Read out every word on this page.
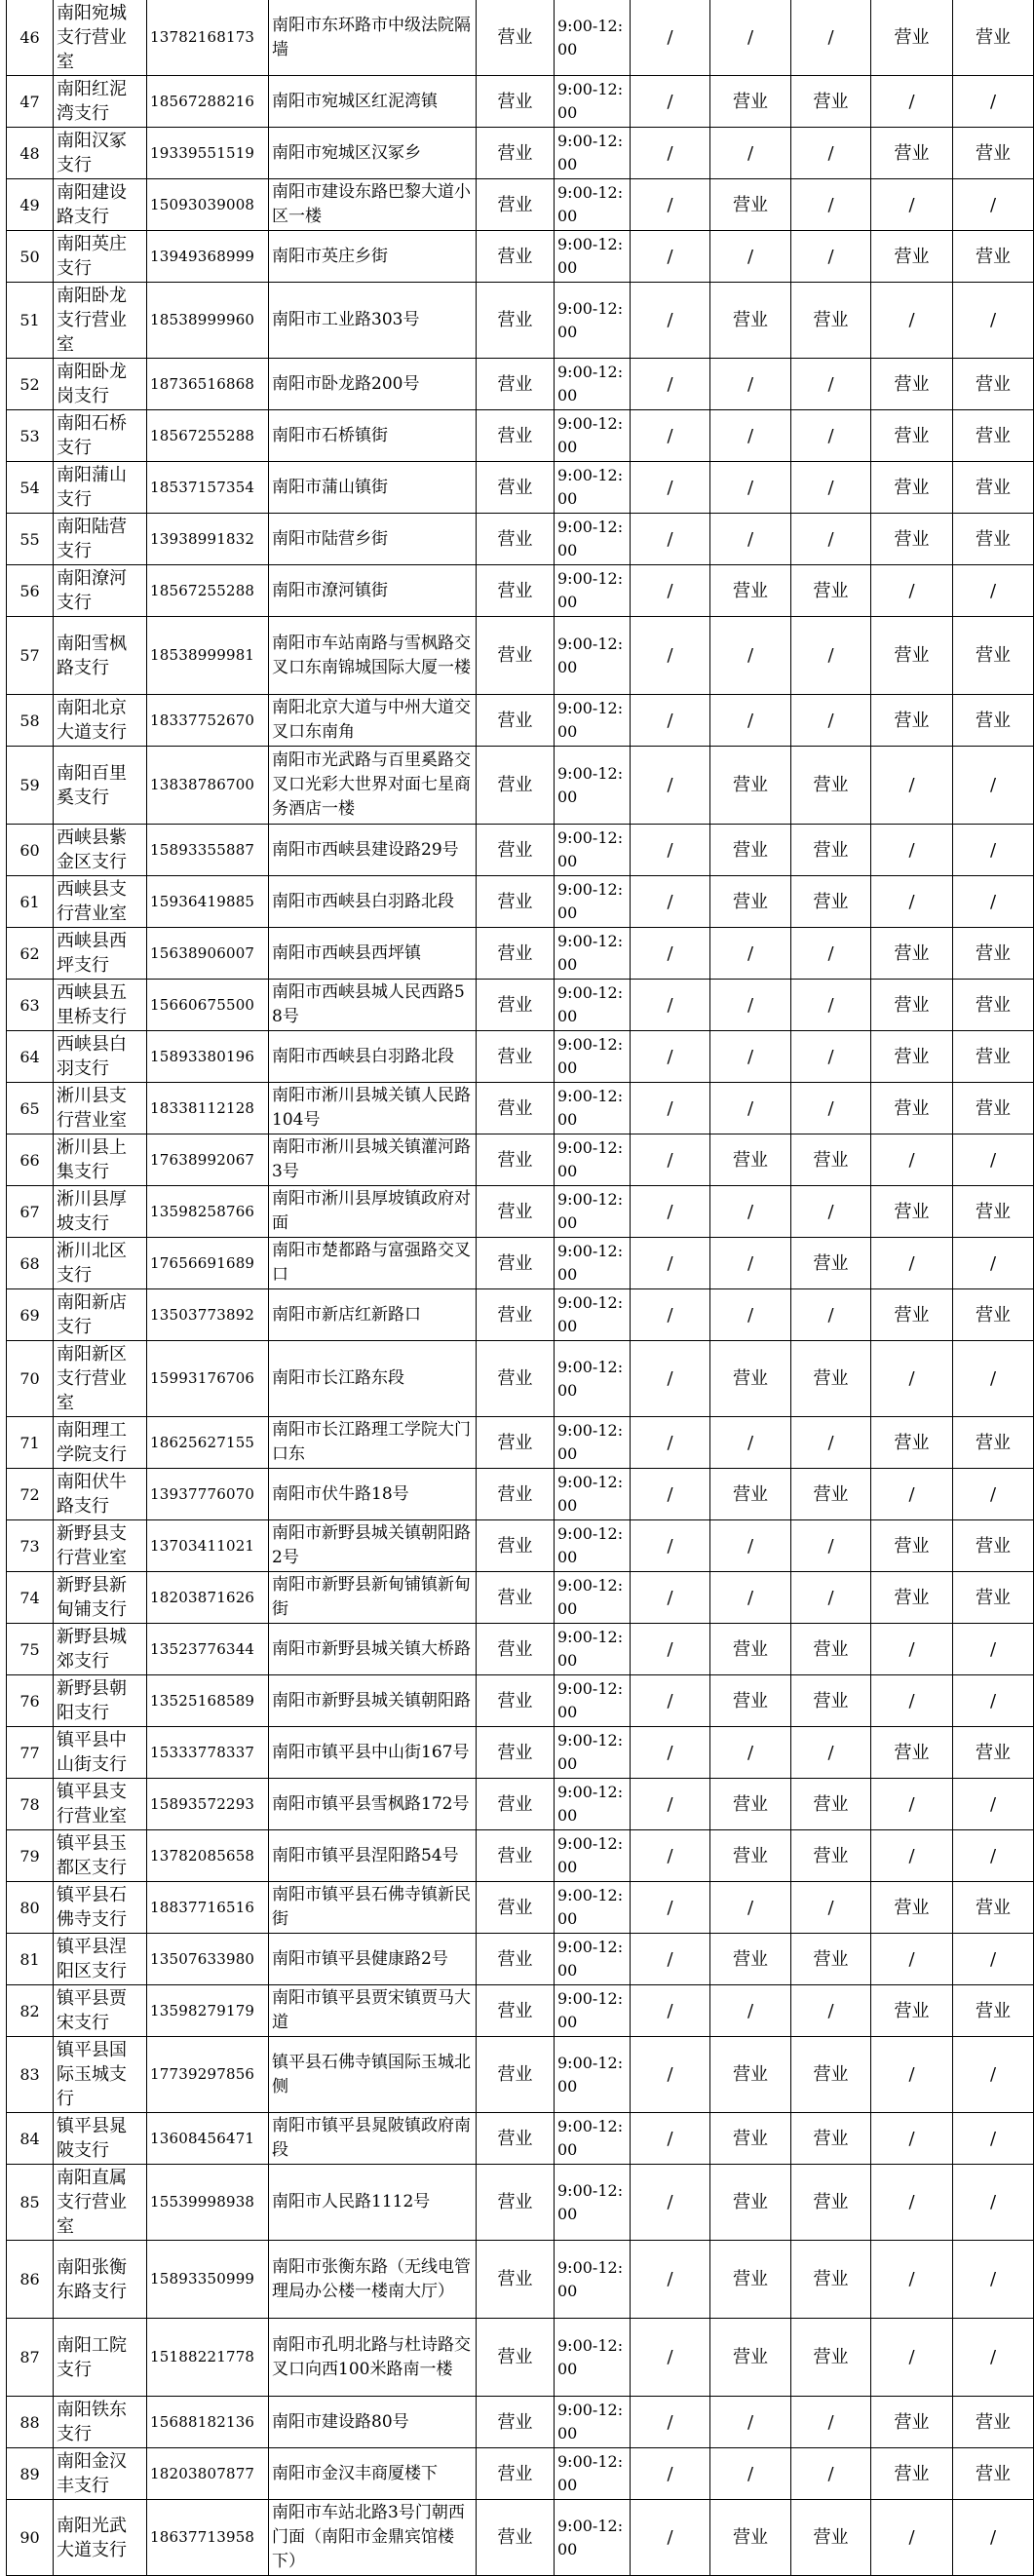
46	南阳宛城支行营业室	13782168173	南阳市东环路市中级法院隔墙	营业	9:00-12:00	/	/	/	营业	营业
47	南阳红泥湾支行	18567288216	南阳市宛城区红泥湾镇	营业	9:00-12:00	/	营业	营业	/	/
48	南阳汉冢支行	19339551519	南阳市宛城区汉冢乡	营业	9:00-12:00	/	/	/	营业	营业
49	南阳建设路支行	15093039008	南阳市建设东路巴黎大道小区一楼	营业	9:00-12:00	/	营业	/	/	/
50	南阳英庄支行	13949368999	南阳市英庄乡街	营业	9:00-12:00	/	/	/	营业	营业
51	南阳卧龙支行营业室	18538999960	南阳市工业路303号	营业	9:00-12:00	/	营业	营业	/	/
52	南阳卧龙岗支行	18736516868	南阳市卧龙路200号	营业	9:00-12:00	/	/	/	营业	营业
53	南阳石桥支行	18567255288	南阳市石桥镇街	营业	9:00-12:00	/	/	/	营业	营业
54	南阳蒲山支行	18537157354	南阳市蒲山镇街	营业	9:00-12:00	/	/	/	营业	营业
55	南阳陆营支行	13938991832	南阳市陆营乡街	营业	9:00-12:00	/	/	/	营业	营业
56	南阳潦河支行	18567255288	南阳市潦河镇街	营业	9:00-12:00	/	营业	营业	/	/
57	南阳雪枫路支行	18538999981	南阳市车站南路与雪枫路交叉口东南锦城国际大厦一楼	营业	9:00-12:00	/	/	/	营业	营业
58	南阳北京大道支行	18337752670	南阳北京大道与中州大道交叉口东南角	营业	9:00-12:00	/	/	/	营业	营业
59	南阳百里奚支行	13838786700	南阳市光武路与百里奚路交叉口光彩大世界对面七星商务酒店一楼	营业	9:00-12:00	/	营业	营业	/	/
60	西峡县紫金区支行	15893355887	南阳市西峡县建设路29号	营业	9:00-12:00	/	营业	营业	/	/
61	西峡县支行营业室	15936419885	南阳市西峡县白羽路北段	营业	9:00-12:00	/	营业	营业	/	/
62	西峡县西坪支行	15638906007	南阳市西峡县西坪镇	营业	9:00-12:00	/	/	/	营业	营业
63	西峡县五里桥支行	15660675500	南阳市西峡县城人民西路58号	营业	9:00-12:00	/	/	/	营业	营业
64	西峡县白羽支行	15893380196	南阳市西峡县白羽路北段	营业	9:00-12:00	/	/	/	营业	营业
65	淅川县支行营业室	18338112128	南阳市淅川县城关镇人民路104号	营业	9:00-12:00	/	/	/	营业	营业
66	淅川县上集支行	17638992067	南阳市淅川县城关镇灌河路3号	营业	9:00-12:00	/	营业	营业	/	/
67	淅川县厚坡支行	13598258766	南阳市淅川县厚坡镇政府对面	营业	9:00-12:00	/	/	/	营业	营业
68	淅川北区支行	17656691689	南阳市楚都路与富强路交叉口	营业	9:00-12:00	/	/	营业	/	/
69	南阳新店支行	13503773892	南阳市新店红新路口	营业	9:00-12:00	/	/	/	营业	营业
70	南阳新区支行营业室	15993176706	南阳市长江路东段	营业	9:00-12:00	/	营业	营业	/	/
71	南阳理工学院支行	18625627155	南阳市长江路理工学院大门口东	营业	9:00-12:00	/	/	/	营业	营业
72	南阳伏牛路支行	13937776070	南阳市伏牛路18号	营业	9:00-12:00	/	营业	营业	/	/
73	新野县支行营业室	13703411021	南阳市新野县城关镇朝阳路2号	营业	9:00-12:00	/	/	/	营业	营业
74	新野县新甸铺支行	18203871626	南阳市新野县新甸铺镇新甸街	营业	9:00-12:00	/	/	/	营业	营业
75	新野县城郊支行	13523776344	南阳市新野县城关镇大桥路	营业	9:00-12:00	/	营业	营业	/	/
76	新野县朝阳支行	13525168589	南阳市新野县城关镇朝阳路	营业	9:00-12:00	/	营业	营业	/	/
77	镇平县中山街支行	15333778337	南阳市镇平县中山街167号	营业	9:00-12:00	/	/	/	营业	营业
78	镇平县支行营业室	15893572293	南阳市镇平县雪枫路172号	营业	9:00-12:00	/	营业	营业	/	/
79	镇平县玉都区支行	13782085658	南阳市镇平县涅阳路54号	营业	9:00-12:00	/	营业	营业	/	/
80	镇平县石佛寺支行	18837716516	南阳市镇平县石佛寺镇新民街	营业	9:00-12:00	/	/	/	营业	营业
81	镇平县涅阳区支行	13507633980	南阳市镇平县健康路2号	营业	9:00-12:00	/	营业	营业	/	/
82	镇平县贾宋支行	13598279179	南阳市镇平县贾宋镇贾马大道	营业	9:00-12:00	/	/	/	营业	营业
83	镇平县国际玉城支行	17739297856	镇平县石佛寺镇国际玉城北侧	营业	9:00-12:00	/	营业	营业	/	/
84	镇平县晁陂支行	13608456471	南阳市镇平县晁陂镇政府南段	营业	9:00-12:00	/	营业	营业	/	/
85	南阳直属支行营业室	15539998938	南阳市人民路1112号	营业	9:00-12:00	/	营业	营业	/	/
86	南阳张衡东路支行	15893350999	南阳市张衡东路（无线电管理局办公楼一楼南大厅）	营业	9:00-12:00	/	营业	营业	/	/
87	南阳工院支行	15188221778	南阳市孔明北路与杜诗路交叉口向西100米路南一楼	营业	9:00-12:00	/	营业	营业	/	/
88	南阳铁东支行	15688182136	南阳市建设路80号	营业	9:00-12:00	/	/	/	营业	营业
89	南阳金汉丰支行	18203807877	南阳市金汉丰商厦楼下	营业	9:00-12:00	/	/	/	营业	营业
90	南阳光武大道支行	18637713958	南阳市车站北路3号门朝西门面（南阳市金鼎宾馆楼下）	营业	9:00-12:00	/	营业	营业	/	/
